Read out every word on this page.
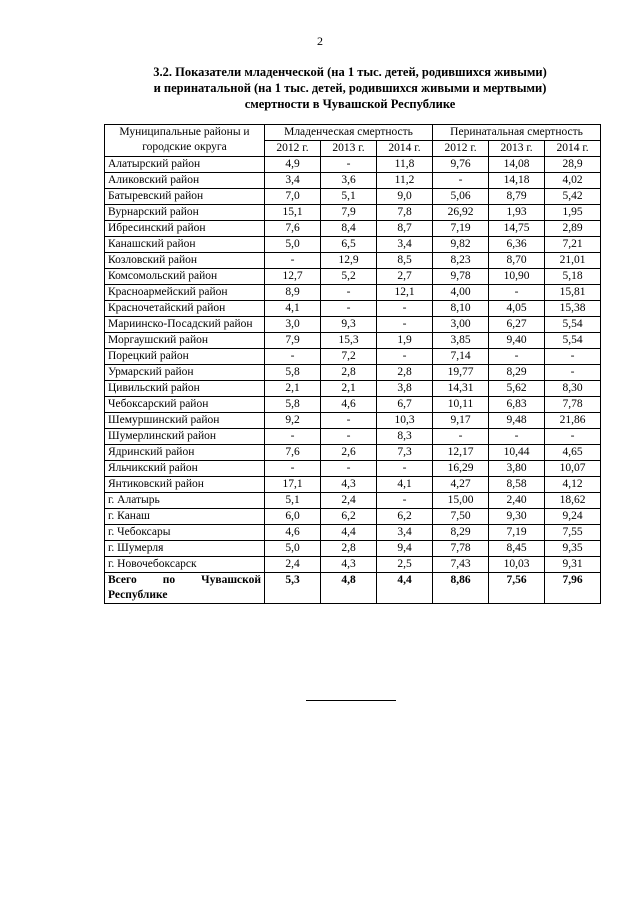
2
3.2. Показатели младенческой (на 1 тыс. детей, родившихся живыми)
и перинатальной (на 1 тыс. детей, родившихся живыми и мертвыми)
смертности в Чувашской Республике
Муниципальные районы и городские округа	Младенческая смертность			Перинатальная смертность		
	2012 г.	2013 г.	2014 г.	2012 г.	2013 г.	2014 г.
Алатырский район	4,9	-	11,8	9,76	14,08	28,9
Аликовский район	3,4	3,6	11,2	-	14,18	4,02
Батыревский район	7,0	5,1	9,0	5,06	8,79	5,42
Вурнарский район	15,1	7,9	7,8	26,92	1,93	1,95
Ибресинский район	7,6	8,4	8,7	7,19	14,75	2,89
Канашский район	5,0	6,5	3,4	9,82	6,36	7,21
Козловский район	-	12,9	8,5	8,23	8,70	21,01
Комсомольский район	12,7	5,2	2,7	9,78	10,90	5,18
Красноармейский район	8,9	-	12,1	4,00	-	15,81
Красночетайский район	4,1	-	-	8,10	4,05	15,38
Мариинско-Посадский район	3,0	9,3	-	3,00	6,27	5,54
Моргаушский район	7,9	15,3	1,9	3,85	9,40	5,54
Порецкий район	-	7,2	-	7,14	-	-
Урмарский район	5,8	2,8	2,8	19,77	8,29	-
Цивильский район	2,1	2,1	3,8	14,31	5,62	8,30
Чебоксарский район	5,8	4,6	6,7	10,11	6,83	7,78
Шемуршинский район	9,2	-	10,3	9,17	9,48	21,86
Шумерлинский район	-	-	8,3	-	-	-
Ядринский район	7,6	2,6	7,3	12,17	10,44	4,65
Яльчикский район	-	-	-	16,29	3,80	10,07
Янтиковский район	17,1	4,3	4,1	4,27	8,58	4,12
г. Алатырь	5,1	2,4	-	15,00	2,40	18,62
г. Канаш	6,0	6,2	6,2	7,50	9,30	9,24
г. Чебоксары	4,6	4,4	3,4	8,29	7,19	7,55
г. Шумерля	5,0	2,8	9,4	7,78	8,45	9,35
г. Новочебоксарск	2,4	4,3	2,5	7,43	10,03	9,31
Всего по Чувашской Республике	5,3	4,8	4,4	8,86	7,56	7,96
